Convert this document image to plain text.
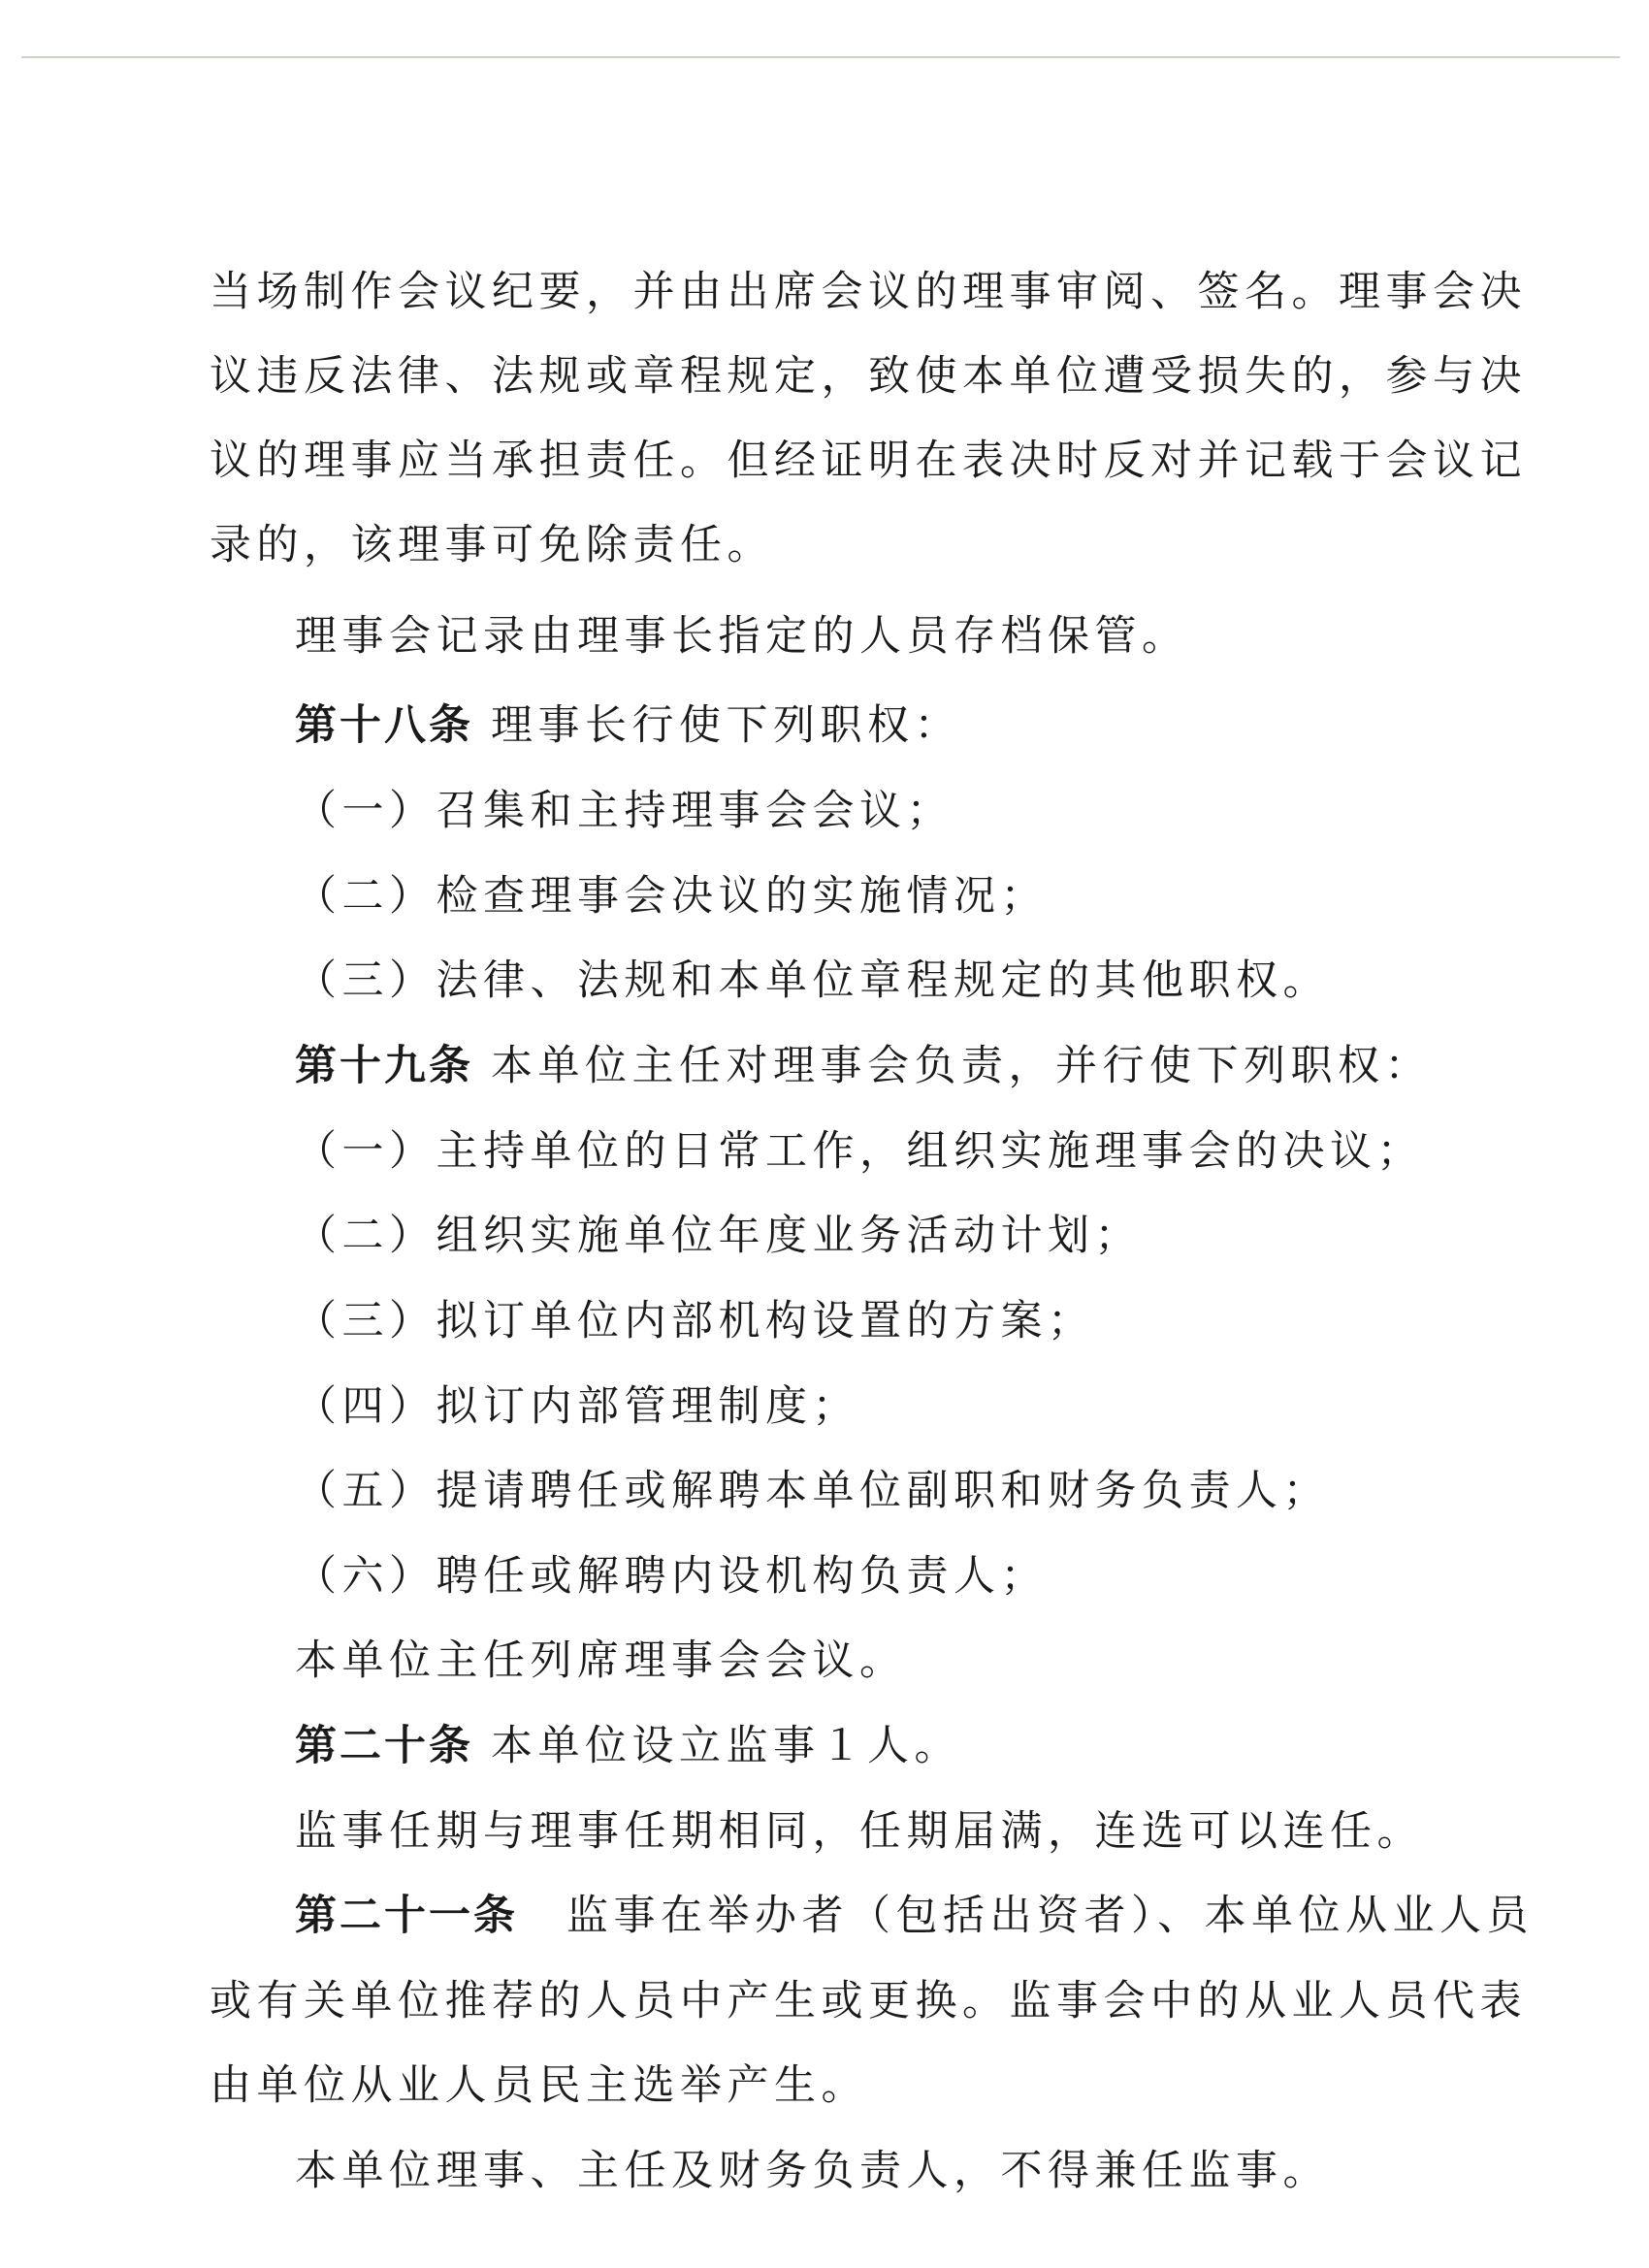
当场制作会议纪要，并由出席会议的理事审阅、签名。理事会决
议违反法律、法规或章程规定，致使本单位遭受损失的，参与决
议的理事应当承担责任。但经证明在表决时反对并记载于会议记
录的，该理事可免除责任。
理事会记录由理事长指定的人员存档保管。
第十八条 理事长行使下列职权：
（一）召集和主持理事会会议；
（二）检查理事会决议的实施情况；
（三）法律、法规和本单位章程规定的其他职权。
第十九条 本单位主任对理事会负责，并行使下列职权：
（一）主持单位的日常工作，组织实施理事会的决议；
（二）组织实施单位年度业务活动计划；
（三）拟订单位内部机构设置的方案；
（四）拟订内部管理制度；
（五）提请聘任或解聘本单位副职和财务负责人；
（六）聘任或解聘内设机构负责人；
本单位主任列席理事会会议。
第二十条 本单位设立监事１人。
监事任期与理事任期相同，任期届满，连选可以连任。
第二十一条 监事在举办者（包括出资者）、本单位从业人员
或有关单位推荐的人员中产生或更换。监事会中的从业人员代表
由单位从业人员民主选举产生。
本单位理事、主任及财务负责人，不得兼任监事。
